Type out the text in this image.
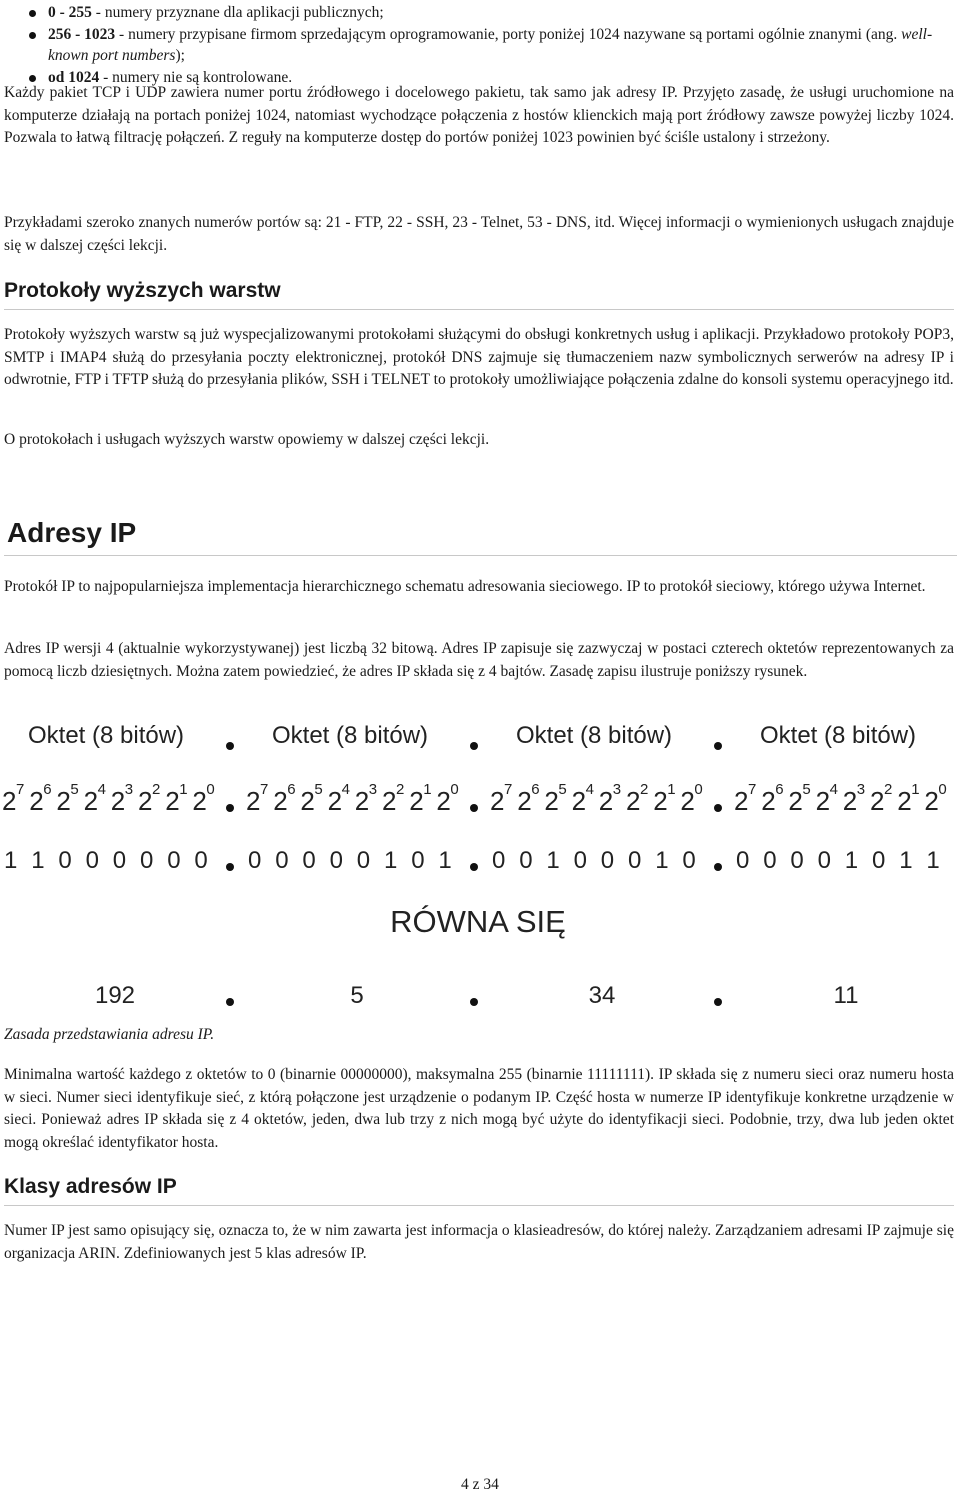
0 - 255 - numery przyznane dla aplikacji publicznych;
256 - 1023 - numery przypisane firmom sprzedającym oprogramowanie, porty poniżej 1024 nazywane są portami ogólnie znanymi (ang. well-known port numbers);
od 1024 - numery nie są kontrolowane.

Każdy pakiet TCP i UDP zawiera numer portu źródłowego i docelowego pakietu, tak samo jak adresy IP. Przyjęto zasadę, że usługi uruchomione na komputerze działają na portach poniżej 1024, natomiast wychodzące połączenia z hostów klienckich mają port źródłowy zawsze powyżej liczby 1024. Pozwala to łatwą filtrację połączeń. Z reguły na komputerze dostęp do portów poniżej 1023 powinien być ściśle ustalony i strzeżony.

Przykładami szeroko znanych numerów portów są: 21 - FTP, 22 - SSH, 23 - Telnet, 53 - DNS, itd. Więcej informacji o wymienionych usługach znajduje się w dalszej części lekcji.

Protokoły wyższych warstw

Protokoły wyższych warstw są już wyspecjalizowanymi protokołami służącymi do obsługi konkretnych usług i aplikacji. Przykładowo protokoły POP3, SMTP i IMAP4 służą do przesyłania poczty elektronicznej, protokół DNS zajmuje się tłumaczeniem nazw symbolicznych serwerów na adresy IP i odwrotnie, FTP i TFTP służą do przesyłania plików, SSH i TELNET to protokoły umożliwiające połączenia zdalne do konsoli systemu operacyjnego itd.

O protokołach i usługach wyższych warstw opowiemy w dalszej części lekcji.

Adresy IP

Protokół IP to najpopularniejsza implementacja hierarchicznego schematu adresowania sieciowego. IP to protokół sieciowy, którego używa Internet.

Adres IP wersji 4 (aktualnie wykorzystywanej) jest liczbą 32 bitową. Adres IP zapisuje się zazwyczaj w postaci czterech oktetów reprezentowanych za pomocą liczb dziesiętnych. Można zatem powiedzieć, że adres IP składa się z 4 bajtów. Zasadę zapisu ilustruje poniższy rysunek.

Oktet (8 bitów)	Oktet (8 bitów)	Oktet (8 bitów)	Oktet (8 bitów)
2 7 2 6 2 5 2 4 2 3 2 2 2 1 2 0 2 7 2 6 2 5 2 4 2 3 2 2 2 1 2 0 2 7 2 6 2 5 2 4 2 3 2 2 2 1 2 0 2 7 2 6 2 5 2 4 2 3 2 2 2 1 2 0
1 1 0 0 0 0 0 0 0 0 0 0 0 1 0 1 0 0 1 0 0 0 1 0 0 0 0 0 1 0 1 1
RÓWNA SIĘ
192	5	34	11
Zasada przedstawiania adresu IP.

Minimalna wartość każdego z oktetów to 0 (binarnie 00000000), maksymalna 255 (binarnie 11111111). IP składa się z numeru sieci oraz numeru hosta w sieci. Numer sieci identyfikuje sieć, z którą połączone jest urządzenie o podanym IP. Część hosta w numerze IP identyfikuje konkretne urządzenie w sieci. Ponieważ adres IP składa się z 4 oktetów, jeden, dwa lub trzy z nich mogą być użyte do identyfikacji sieci. Podobnie, trzy, dwa lub jeden oktet mogą określać identyfikator hosta.

Klasy adresów IP

Numer IP jest samo opisujący się, oznacza to, że w nim zawarta jest informacja o klasieadresów, do której należy. Zarządzaniem adresami IP zajmuje się organizacja ARIN. Zdefiniowanych jest 5 klas adresów IP.

4 z 34
